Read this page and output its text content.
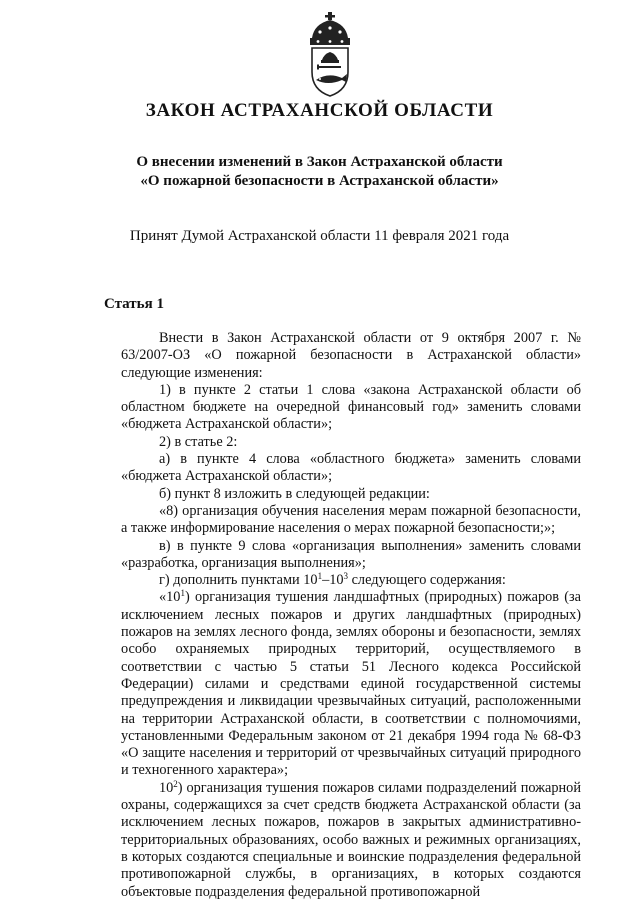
ЗАКОН АСТРАХАНСКОЙ ОБЛАСТИ
О внесении изменений в Закон Астраханской области
«О пожарной безопасности в Астраханской области»
Принят Думой Астраханской области 11 февраля 2021 года
Статья 1

Внести в Закон Астраханской области от 9 октября 2007 г. № 63/2007-ОЗ «О пожарной безопасности в Астраханской области» следующие изменения:

1) в пункте 2 статьи 1 слова «закона Астраханской области об областном бюджете на очередной финансовый год» заменить словами «бюджета Астраханской области»;

2) в статье 2:

а) в пункте 4 слова «областного бюджета» заменить словами «бюджета Астраханской области»;

б) пункт 8 изложить в следующей редакции:

«8) организация обучения населения мерам пожарной безопасности, а также информирование населения о мерах пожарной безопасности;»;

в) в пункте 9 слова «организация выполнения» заменить словами «разработка, организация выполнения»;

г) дополнить пунктами $10^1-10^3$ следующего содержания:

«$10^1$) организация тушения ландшафтных (природных) пожаров (за исключением лесных пожаров и других ландшафтных (природных) пожаров на землях лесного фонда, землях обороны и безопасности, землях особо охраняемых природных территорий, осуществляемого в соответствии с частью 5 статьи 51 Лесного кодекса Российской Федерации) силами и средствами единой государственной системы предупреждения и ликвидации чрезвычайных ситуаций, расположенными на территории Астраханской области, в соответствии с полномочиями, установленными Федеральным законом от 21 декабря 1994 года № 68-ФЗ «О защите населения и территорий от чрезвычайных ситуаций природного и техногенного характера»;

$10^2$) организация тушения пожаров силами подразделений пожарной охраны, содержащихся за счет средств бюджета Астраханской области (за исключением лесных пожаров, пожаров в закрытых административно-территориальных образованиях, особо важных и режимных организациях, в которых создаются специальные и воинские подразделения федеральной противопожарной службы, в организациях, в которых создаются объектовые подразделения федеральной противопожарной
